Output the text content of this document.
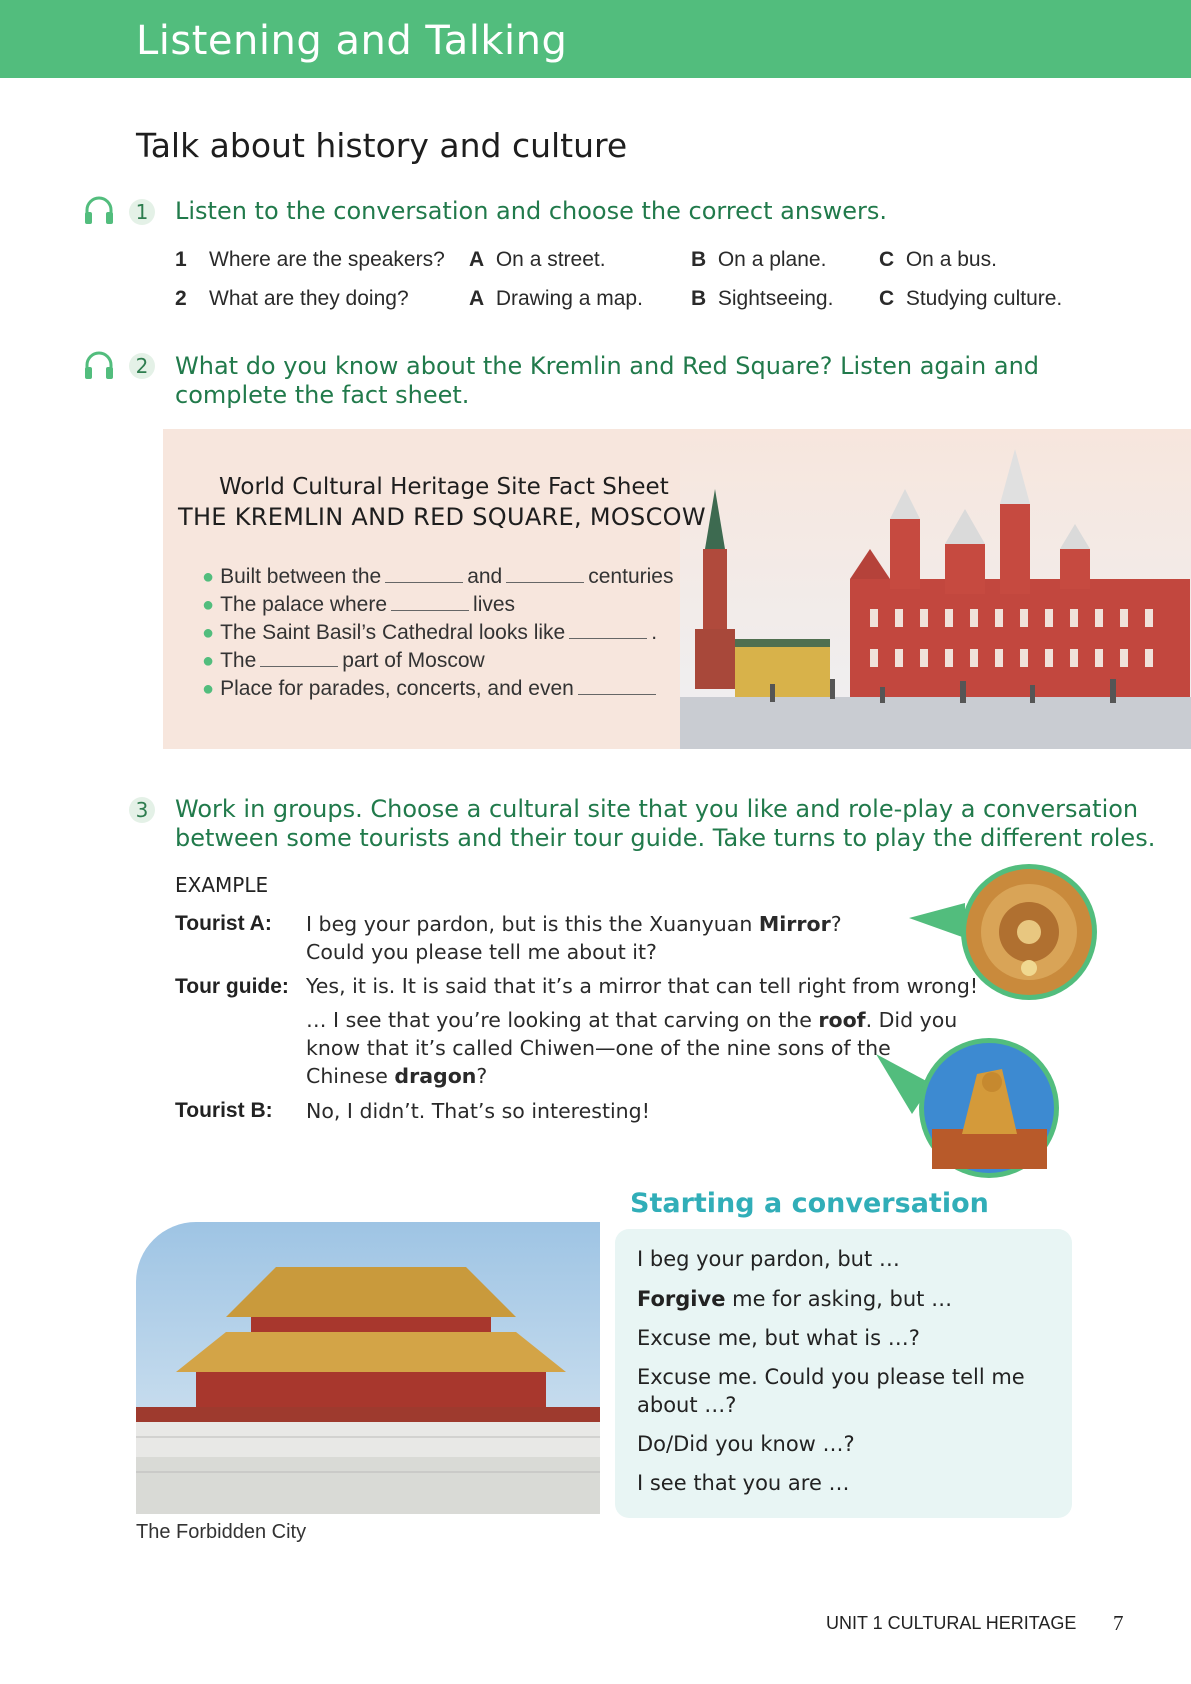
Listening and Talking
Talk about history and culture
1 Listen to the conversation and choose the correct answers.
1 Where are the speakers? A On a street.	B On a plane.	C On a bus.
2 What are they doing?	A Drawing a map. B Sightseeing. C Studying culture.
2 What do you know about the Kremlin and Red Square? Listen again and
complete the fact sheet.
World Cultural Heritage Site Fact Sheet
THE KREMLIN AND RED SQUARE, MOSCOW
● Built between the	and	centuries
● The palace where	lives
● The Saint Basil’s Cathedral looks like	.
● The	part of Moscow
● Place for parades, concerts, and even
3 Work in groups. Choose a cultural site that you like and role-play a conversation
between some tourists and their tour guide. Take turns to play the different roles.
EXAMPLE
Tourist A: I beg your pardon, but is this the Xuanyuan Mirror?
Could you please tell me about it?
Tour guide: Yes, it is. It is said that it’s a mirror that can tell right from wrong!
… I see that you’re looking at that carving on the roof. Did you
know that it’s called Chiwen—one of the nine sons of the
Chinese dragon?
Tourist B: No, I didn’t. That’s so interesting!
Starting a conversation
I beg your pardon, but …
Forgive me for asking, but …
Excuse me, but what is …?
Excuse me. Could you please tell me
about …?
Do/Did you know …?
I see that you are …
The Forbidden City
UNIT 1 CULTURAL HERITAGE 7
